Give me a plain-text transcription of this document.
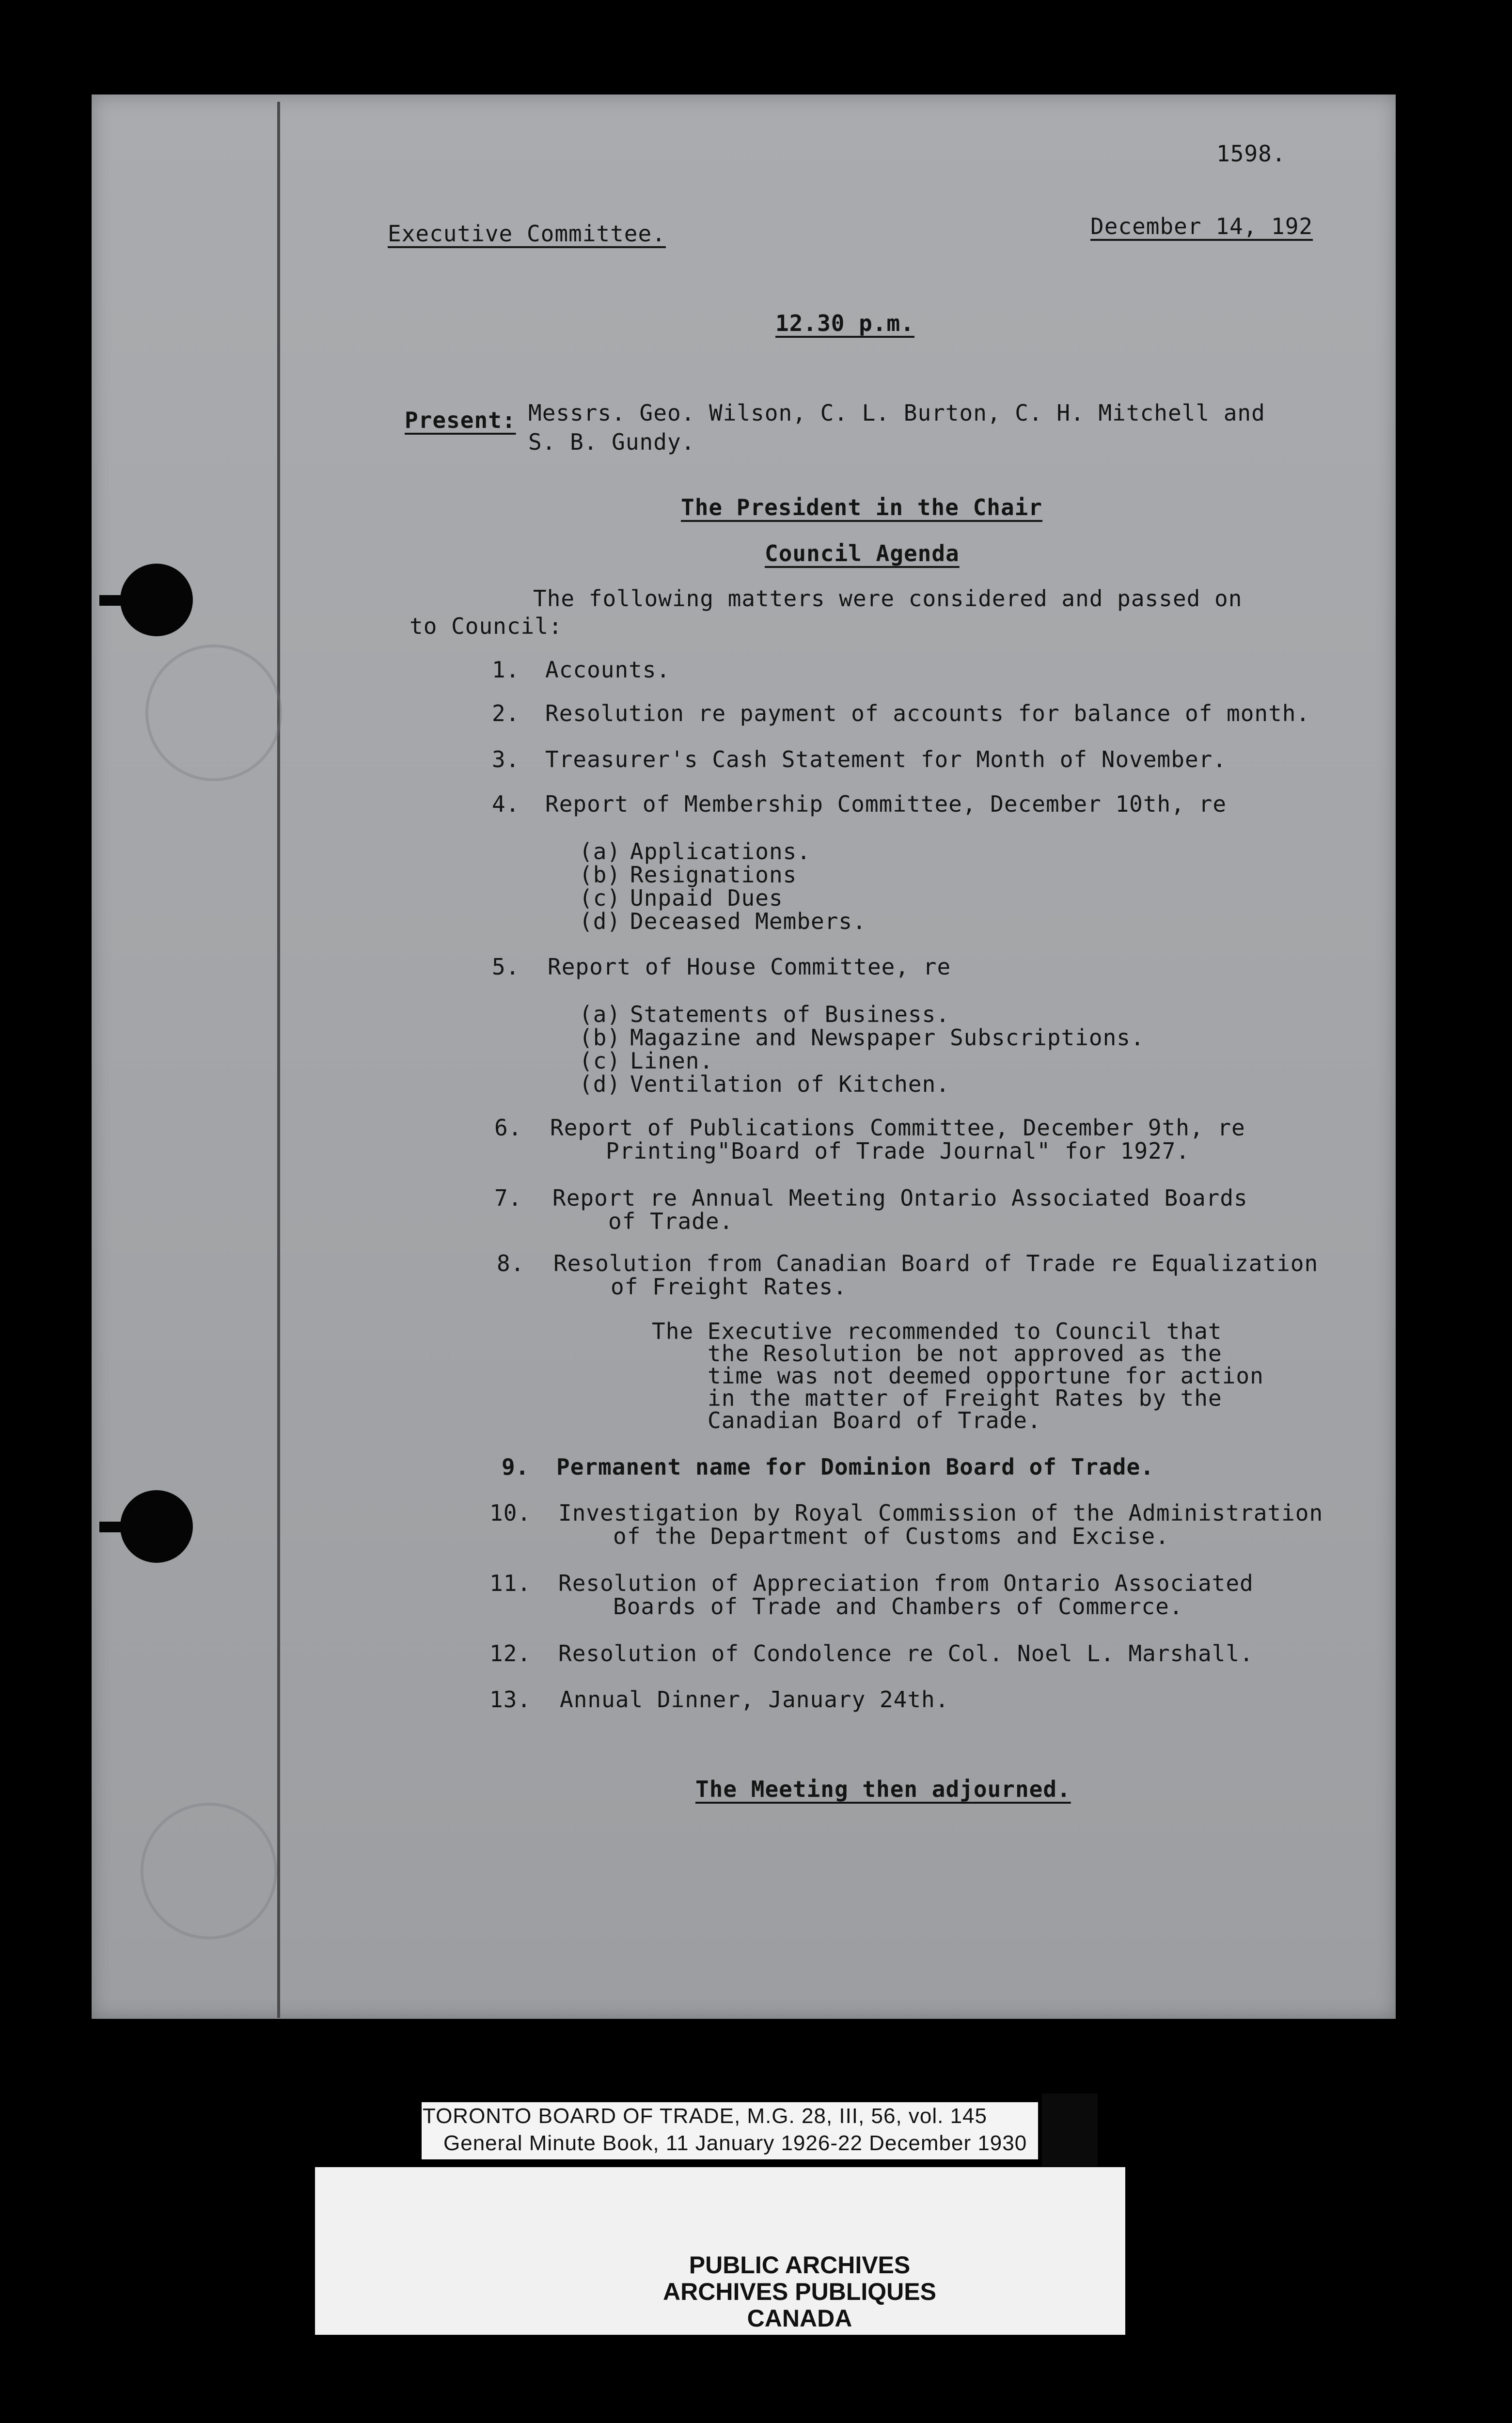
1598.
Executive Committee.	December 14, 192
12.30 p.m.
Present: Messrs. Geo. Wilson, C. L. Burton, C. H. Mitchell and
S. B. Gundy.
The President in the Chair
Council Agenda
The following matters were considered and passed on
to Council:
1. Accounts.
2. Resolution re payment of accounts for balance of month.
3. Treasurer's Cash Statement for Month of November.
4. Report of Membership Committee, December 10th, re
(a) Applications.
(b) Resignations
(c) Unpaid Dues
(d) Deceased Members.
5. Report of House Committee, re
(a) Statements of Business.
(b) Magazine and Newspaper Subscriptions.
(c) Linen.
(d) Ventilation of Kitchen.
6. Report of Publications Committee, December 9th, re
Printing"Board of Trade Journal" for 1927.
7. Report re Annual Meeting Ontario Associated Boards
of Trade.
8. Resolution from Canadian Board of Trade re Equalization
of Freight Rates.
The Executive recommended to Council that
the Resolution be not approved as the
time was not deemed opportune for action
in the matter of Freight Rates by the
Canadian Board of Trade.
9. Permanent name for Dominion Board of Trade.
10. Investigation by Royal Commission of the Administration
of the Department of Customs and Excise.
11. Resolution of Appreciation from Ontario Associated
Boards of Trade and Chambers of Commerce.
12. Resolution of Condolence re Col. Noel L. Marshall.
13. Annual Dinner, January 24th.
The Meeting then adjourned.
TORONTO BOARD OF TRADE, M.G. 28, III, 56, vol. 145
General Minute Book, 11 January 1926-22 December 1930
PUBLIC ARCHIVES
ARCHIVES PUBLIQUES
CANADA
